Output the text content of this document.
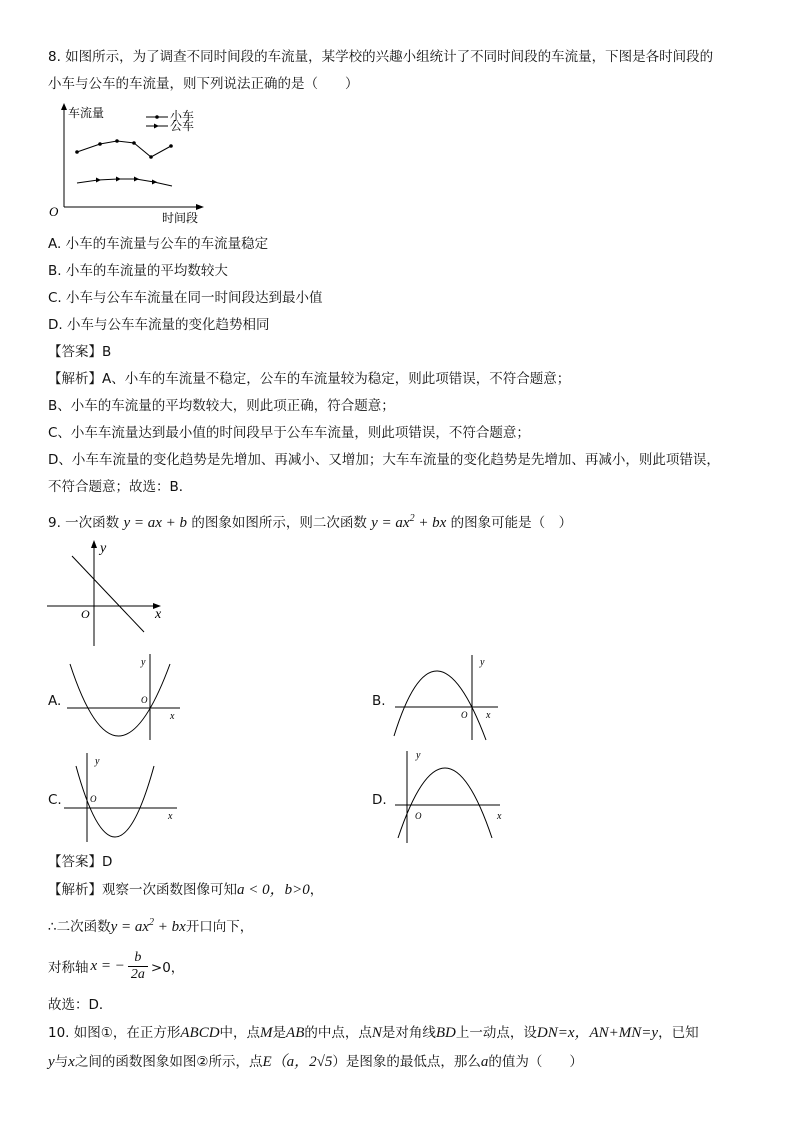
8. 如图所示，为了调查不同时间段的车流量，某学校的兴趣小组统计了不同时间段的车流量，下图是各时间段的
小车与公车的车流量，则下列说法正确的是（　　）
车流量
O	时间段
小车
公车
A. 小车的车流量与公车的车流量稳定
B. 小车的车流量的平均数较大
C. 小车与公车车流量在同一时间段达到最小值
D. 小车与公车车流量的变化趋势相同
【答案】B
【解析】A、小车的车流量不稳定，公车的车流量较为稳定，则此项错误，不符合题意；
B、小车的车流量的平均数较大，则此项正确，符合题意；
C、小车车流量达到最小值的时间段早于公车车流量，则此项错误，不符合题意；
D、小车车流量的变化趋势是先增加、再减小、又增加；大车车流量的变化趋势是先增加、再减小，则此项错误，
不符合题意；故选：B．
9. 一次函数 y = ax + b 的图象如图所示，则二次函数 $y = ax^2$ + bx 的图象可能是（　）
y
x
O
A.
y
x
O	B.
y
x
O
C.
y
x
O	D.
y
x
O
【答案】D
【解析】观察一次函数图像可知a < 0，b>0，
∴二次函数$y = ax^2$ + bx开口向下，
对称轴 x = −
b
2a >0，
故选：D．
10. 如图①，在正方形ABCD中，点M是AB的中点，点N是对角线BD上一动点，设DN=x，AN+MN=y，已知
y与x之间的函数图象如图②所示，点E（a，2√5）是图象的最低点，那么a的值为（　　）
